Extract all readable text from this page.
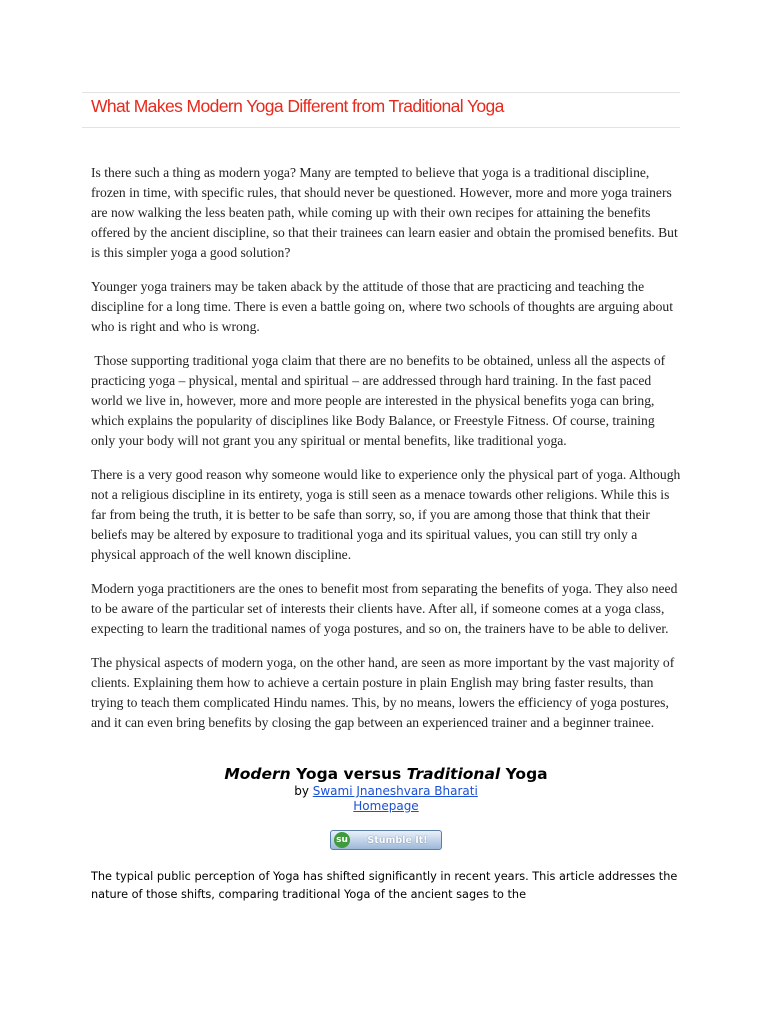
What Makes Modern Yoga Different from Traditional Yoga

Is there such a thing as modern yoga? Many are tempted to believe that yoga is a traditional discipline, frozen in time, with specific rules, that should never be questioned. However, more and more yoga trainers are now walking the less beaten path, while coming up with their own recipes for attaining the benefits offered by the ancient discipline, so that their trainees can learn easier and obtain the promised benefits. But is this simpler yoga a good solution?

Younger yoga trainers may be taken aback by the attitude of those that are practicing and teaching the discipline for a long time. There is even a battle going on, where two schools of thoughts are arguing about who is right and who is wrong.

Those supporting traditional yoga claim that there are no benefits to be obtained, unless all the aspects of practicing yoga – physical, mental and spiritual – are addressed through hard training. In the fast paced world we live in, however, more and more people are interested in the physical benefits yoga can bring, which explains the popularity of disciplines like Body Balance, or Freestyle Fitness. Of course, training only your body will not grant you any spiritual or mental benefits, like traditional yoga.

There is a very good reason why someone would like to experience only the physical part of yoga. Although not a religious discipline in its entirety, yoga is still seen as a menace towards other religions. While this is far from being the truth, it is better to be safe than sorry, so, if you are among those that think that their beliefs may be altered by exposure to traditional yoga and its spiritual values, you can still try only a physical approach of the well known discipline.

Modern yoga practitioners are the ones to benefit most from separating the benefits of yoga. They also need to be aware of the particular set of interests their clients have. After all, if someone comes at a yoga class, expecting to learn the traditional names of yoga postures, and so on, the trainers have to be able to deliver.

The physical aspects of modern yoga, on the other hand, are seen as more important by the vast majority of clients. Explaining them how to achieve a certain posture in plain English may bring faster results, than trying to teach them complicated Hindu names. This, by no means, lowers the efficiency of yoga postures, and it can even bring benefits by closing the gap between an experienced trainer and a beginner trainee.

Modern Yoga versus Traditional Yoga
by Swami Jnaneshvara Bharati
Homepage
su	Stumble It!
The typical public perception of Yoga has shifted significantly in recent years. This article addresses the nature of those shifts, comparing traditional Yoga of the ancient sages to the
